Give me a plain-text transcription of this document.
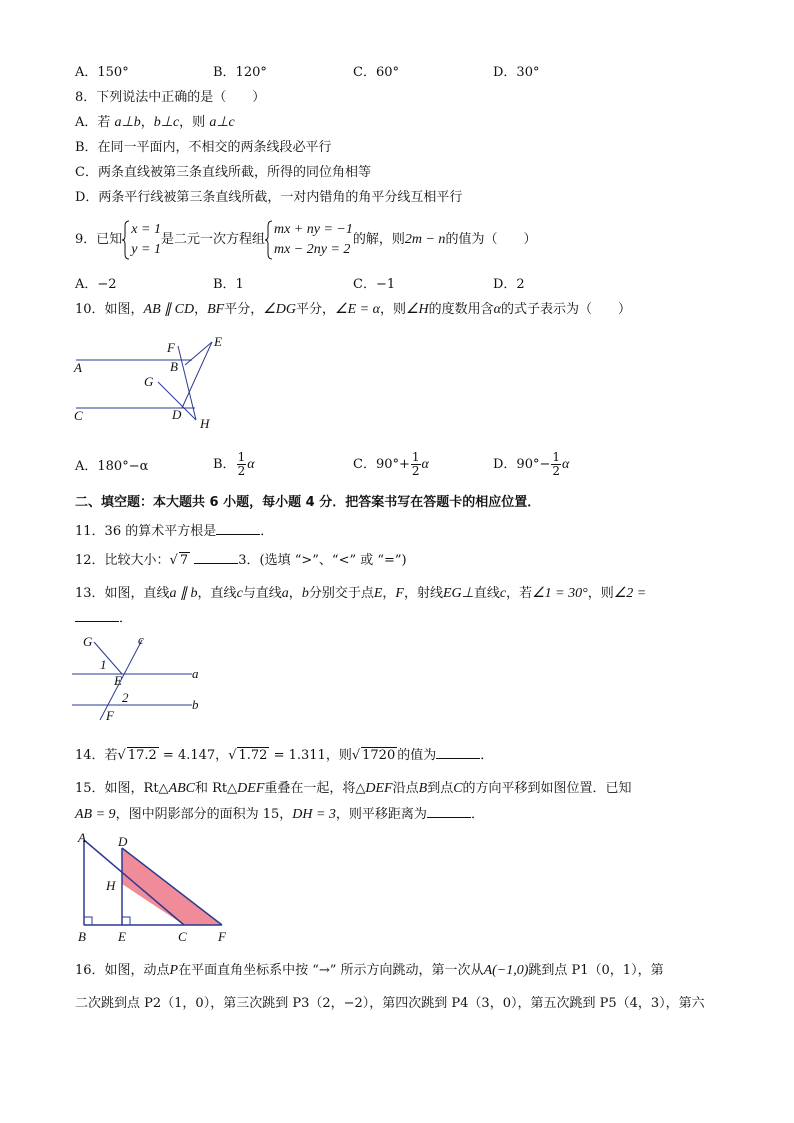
A．150°	B．120°	C．60°	D．30°
8．下列说法中正确的是（　　）
A．若 a⊥b，b⊥c，则 a⊥c
B．在同一平面内，不相交的两条线段必平行
C．两条直线被第三条直线所截，所得的同位角相等
D．两条平行线被第三条直线所截，一对内错角的角平分线互相平行
9．已知
x = 1
y = 1
是二元一次方程组
mx + ny = −1
mx − 2ny = 2
的解，则2m − n的值为（　　）
A．−2	B．1	C．−1	D．2
10．如图，AB ∥ CD，BF平分，∠DG平分，∠E = α，则∠H的度数用含α的式子表示为（　　）
A	B
C	D
E
F
G
H
A．180°−α	B． $\frac{1}{2}$ α	C．$90^\circ+ \frac{1}{2}$ α	D．$90^\circ- \frac{1}{2}$ α
二、填空题：本大题共 6 小题，每小题 4 分．把答案书写在答题卡的相应位置．
11．36 的算术平方根是	．
12．比较大小：√ 7	3．(选填 “>”、“<” 或 “=”)
13．如图，直线a ∥ b，直线c与直线a，b分别交于点E，F，射线EG⊥直线c，若∠1 = 30°，则∠2 =
．
G	c
1
E	a
2	b
F
14．若√ 17.2 = 4.147，√ 1.72 = 1.311，则√ 1720 的值为	．
15．如图，Rt△ABC和 Rt△DEF重叠在一起，将△DEF沿点B到点C的方向平移到如图位置．已知
AB = 9，图中阴影部分的面积为 15，DH = 3，则平移距离为	．
A D
H
B E	C F
16．如图，动点P在平面直角坐标系中按 “→” 所示方向跳动，第一次从A(−1,0)跳到点 P1（0，1），第
二次跳到点 P2（1，0），第三次跳到 P3（2，−2），第四次跳到 P4（3，0），第五次跳到 P5（4，3），第六
